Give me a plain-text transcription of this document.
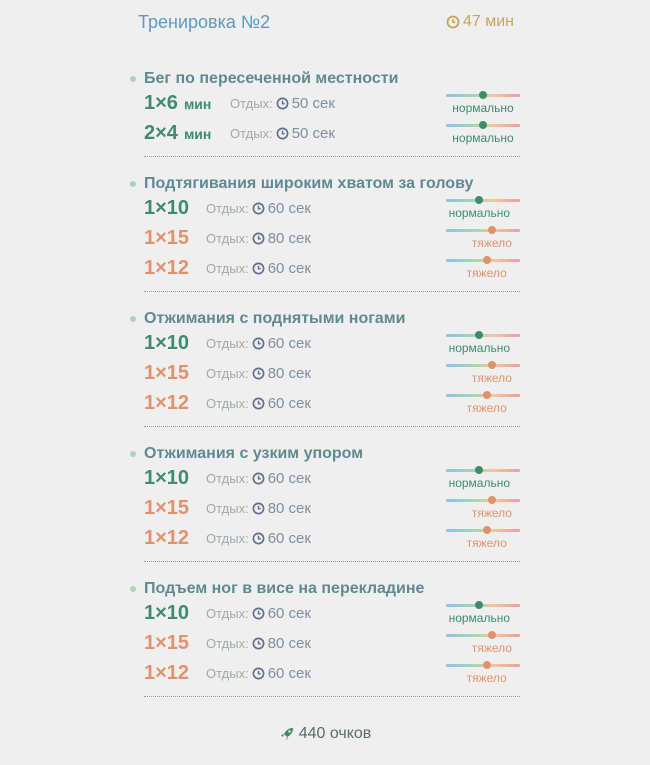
Тренировка №2	47 мин
Бег по пересеченной местности
1×6 мин Отдых: 50 сек	нормально
2×4 мин Отдых: 50 сек	нормально
Подтягивания широким хватом за голову
1×10 Отдых: 60 сек	нормально
1×15 Отдых: 80 сек	тяжело
1×12 Отдых: 60 сек	тяжело
Отжимания с поднятыми ногами
1×10 Отдых: 60 сек	нормально
1×15 Отдых: 80 сек	тяжело
1×12 Отдых: 60 сек	тяжело
Отжимания с узким упором
1×10 Отдых: 60 сек	нормально
1×15 Отдых: 80 сек	тяжело
1×12 Отдых: 60 сек	тяжело
Подъем ног в висе на перекладине
1×10 Отдых: 60 сек	нормально
1×15 Отдых: 80 сек	тяжело
1×12 Отдых: 60 сек	тяжело
440 очков
